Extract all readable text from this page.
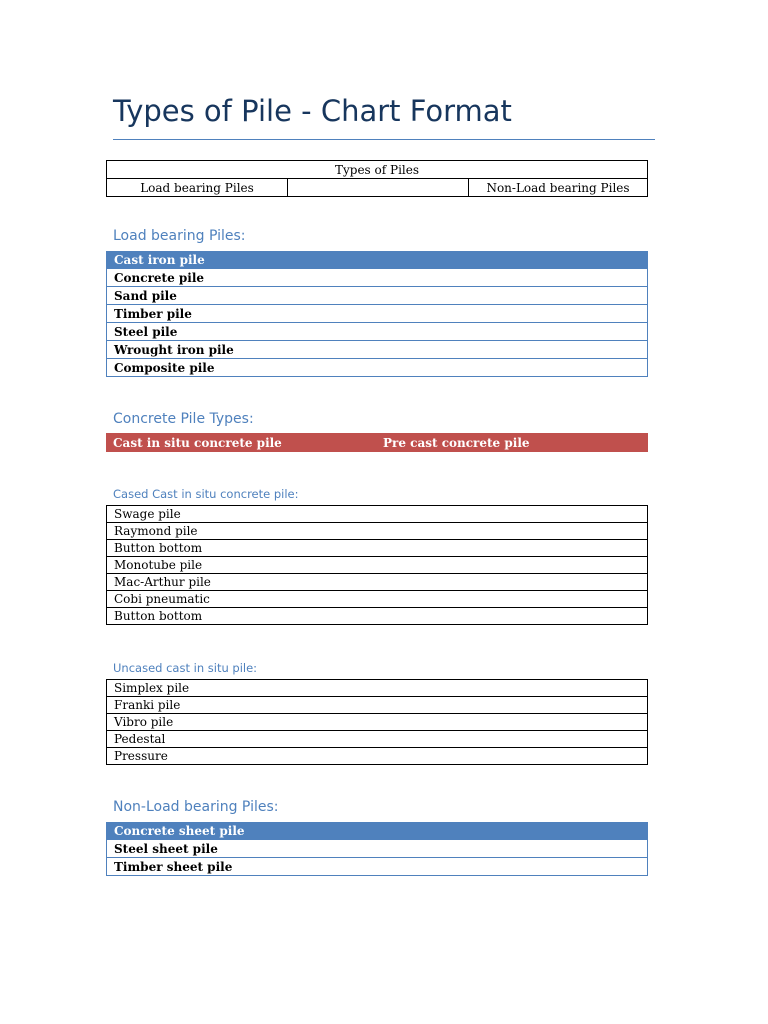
Types of Pile - Chart Format
Types of Piles
Load bearing Piles		Non-Load bearing Piles
Load bearing Piles:
Cast iron pile
Concrete pile
Sand pile
Timber pile
Steel pile
Wrought iron pile
Composite pile
Concrete Pile Types:
Cast in situ concrete pile	Pre cast concrete pile
Cased Cast in situ concrete pile:
Swage pile
Raymond pile
Button bottom
Monotube pile
Mac-Arthur pile
Cobi pneumatic
Button bottom
Uncased cast in situ pile:
Simplex pile
Franki pile
Vibro pile
Pedestal
Pressure
Non-Load bearing Piles:
Concrete sheet pile
Steel sheet pile
Timber sheet pile
